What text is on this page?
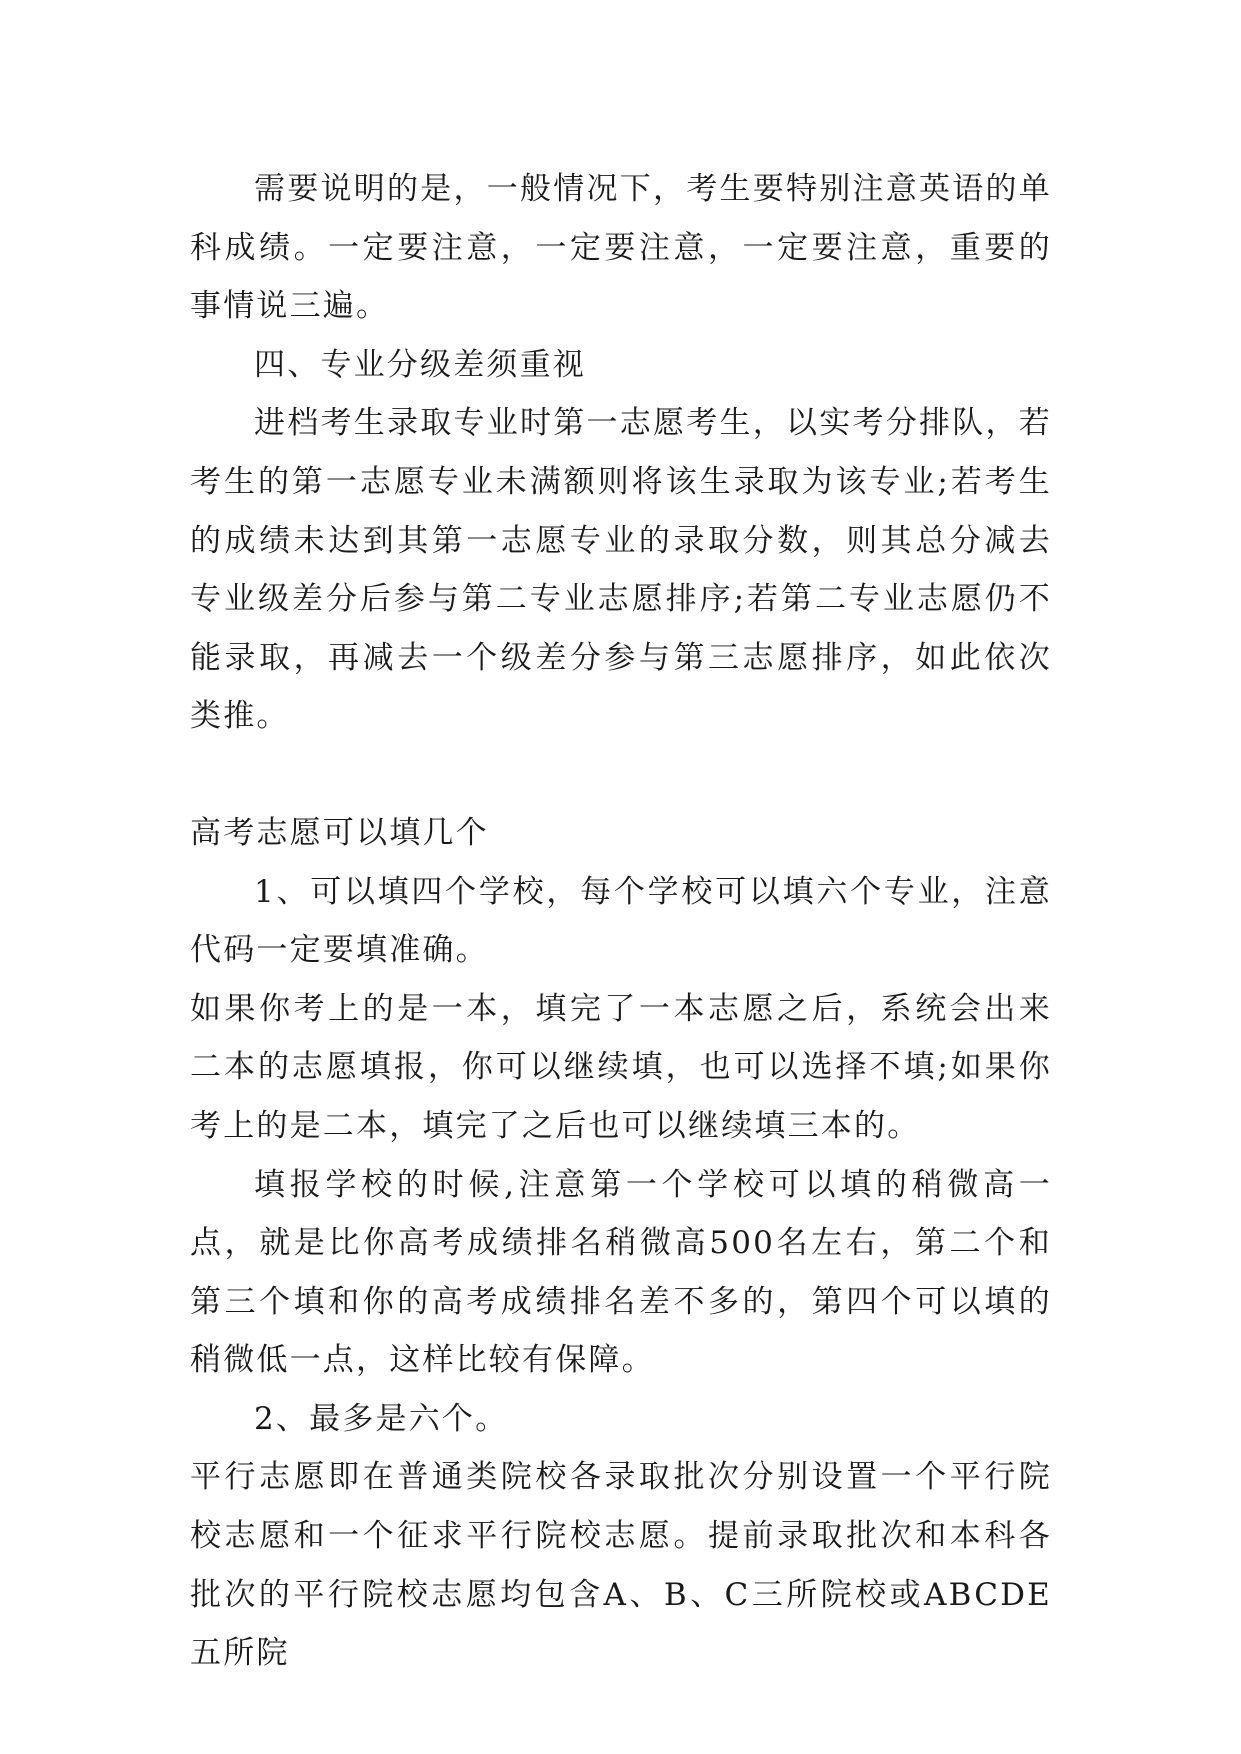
需要说明的是，一般情况下，考生要特别注意英语的单科成绩。一定要注意，一定要注意，一定要注意，重要的事情说三遍。

四、专业分级差须重视

进档考生录取专业时第一志愿考生，以实考分排队，若考生的第一志愿专业未满额则将该生录取为该专业;若考生的成绩未达到其第一志愿专业的录取分数，则其总分减去专业级差分后参与第二专业志愿排序;若第二专业志愿仍不能录取，再减去一个级差分参与第三志愿排序，如此依次类推。

高考志愿可以填几个

1、可以填四个学校，每个学校可以填六个专业，注意代码一定要填准确。

如果你考上的是一本，填完了一本志愿之后，系统会出来二本的志愿填报，你可以继续填，也可以选择不填;如果你考上的是二本，填完了之后也可以继续填三本的。

填报学校的时候,注意第一个学校可以填的稍微高一点，就是比你高考成绩排名稍微高500名左右，第二个和第三个填和你的高考成绩排名差不多的，第四个可以填的稍微低一点，这样比较有保障。

2、最多是六个。

平行志愿即在普通类院校各录取批次分别设置一个平行院校志愿和一个征求平行院校志愿。提前录取批次和本科各批次的平行院校志愿均包含A、B、C三所院校或ABCDE五所院
